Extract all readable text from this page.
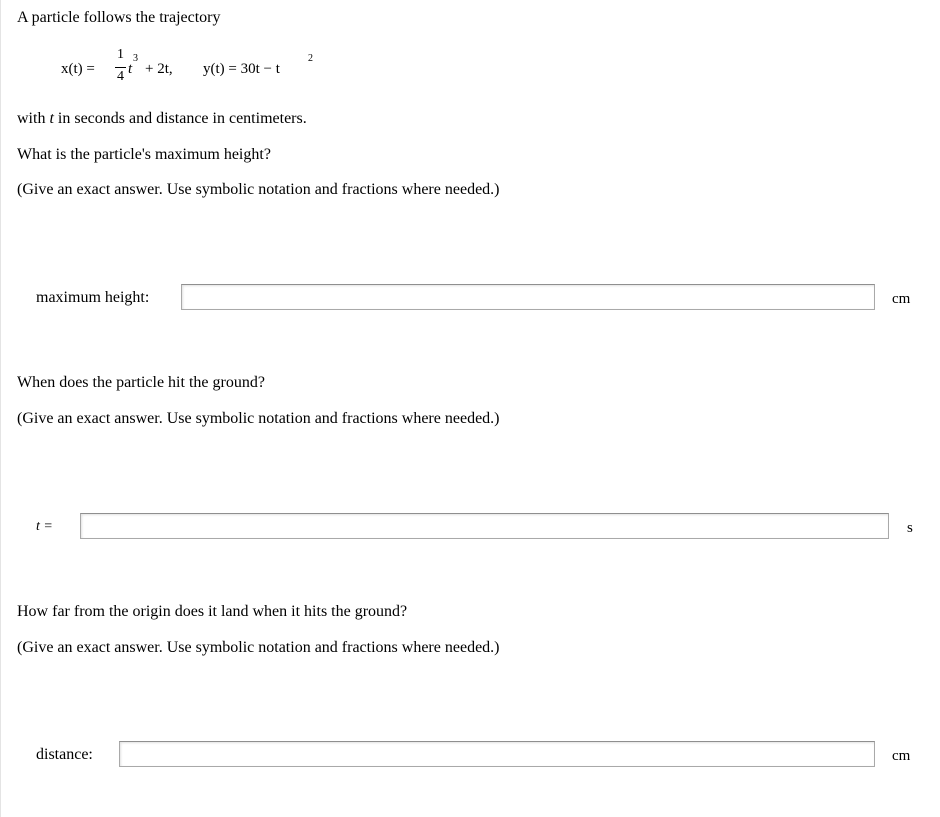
A particle follows the trajectory
x(t) =
1
4 t
3
+ 2t, y(t) = 30t − t
2
with t in seconds and distance in centimeters.
What is the particle's maximum height?
(Give an exact answer. Use symbolic notation and fractions where needed.)
maximum height:	cm
When does the particle hit the ground?
(Give an exact answer. Use symbolic notation and fractions where needed.)
t =	s
How far from the origin does it land when it hits the ground?
(Give an exact answer. Use symbolic notation and fractions where needed.)
distance:	cm
